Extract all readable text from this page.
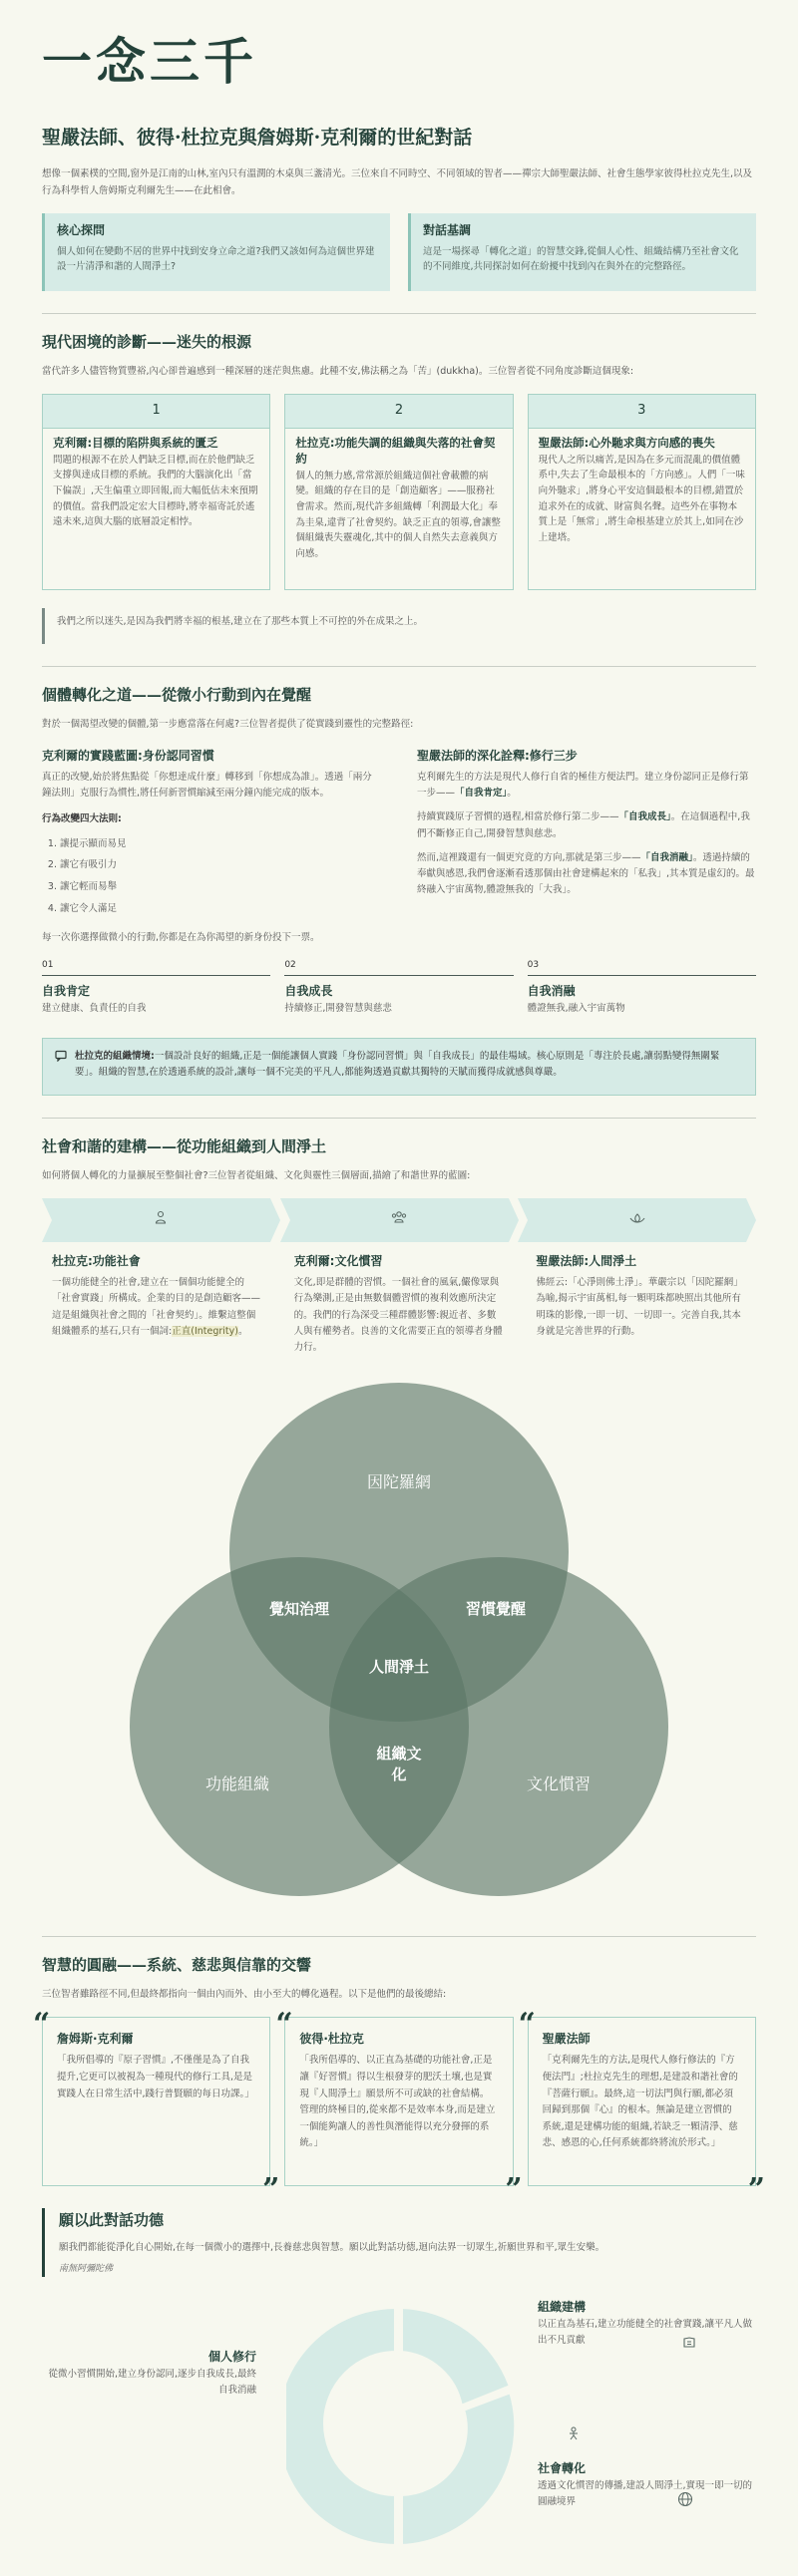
一念三千
聖嚴法師、彼得·杜拉克與詹姆斯·克利爾的世紀對話

想像一個素樸的空間,窗外是江南的山林,室內只有溫潤的木桌與三盞清光。三位來自不同時空、不同領域的智者——禪宗大師聖嚴法師、社會生態學家彼得杜拉克先生,以及行為科學哲人詹姆斯克利爾先生——在此相會。

核心探問

個人如何在變動不居的世界中找到安身立命之道?我們又該如何為這個世界建設一片清淨和諧的人間淨土?

對話基調

這是一場探尋「轉化之道」的智慧交鋒,從個人心性、組織結構乃至社會文化的不同維度,共同探討如何在紛擾中找到內在與外在的完整路徑。

現代困境的診斷——迷失的根源

當代許多人儘管物質豐裕,內心卻普遍感到一種深層的迷茫與焦慮。此種不安,佛法稱之為「苦」(dukkha)。三位智者從不同角度診斷這個現象:

1
克利爾:目標的陷阱與系統的匱乏

問題的根源不在於人們缺乏目標,而在於他們缺乏支撐與達成目標的系統。我們的大腦演化出「當下偏誤」,天生偏重立即回報,而大幅低估未來預期的價值。當我們設定宏大目標時,將幸福寄託於遙遠未來,這與大腦的底層設定相悖。

2
杜拉克:功能失調的組織與失落的社會契約

個人的無力感,常常源於組織這個社會載體的病變。組織的存在目的是「創造顧客」——服務社會需求。然而,現代許多組織轉「利潤最大化」奉為圭臬,違背了社會契約。缺乏正直的領導,會讓整個組織喪失靈魂化,其中的個人自然失去意義與方向感。

3
聖嚴法師:心外馳求與方向感的喪失

現代人之所以痛苦,是因為在多元而混亂的價值體系中,失去了生命最根本的「方向感」。人們「一味向外馳求」,將身心平安這個最根本的目標,錯置於追求外在的成就、財富與名聲。這些外在事物本質上是「無常」,將生命根基建立於其上,如同在沙上建塔。

我們之所以迷失,是因為我們將幸福的根基,建立在了那些本質上不可控的外在成果之上。
個體轉化之道——從微小行動到內在覺醒

對於一個渴望改變的個體,第一步應當落在何處?三位智者提供了從實踐到靈性的完整路徑:

克利爾的實踐藍圖:身份認同習慣

真正的改變,始於將焦點從「你想達成什麼」轉移到「你想成為誰」。透過「兩分鐘法則」克服行為慣性,將任何新習慣縮減至兩分鐘內能完成的版本。

行為改變四大法則:
1. 讓提示顯而易見
2. 讓它有吸引力
3. 讓它輕而易舉
4. 讓它令人滿足
聖嚴法師的深化詮釋:修行三步

克利爾先生的方法是現代人修行自省的極佳方便法門。建立身份認同正是修行第一步——「自我肯定」。

持續實踐原子習慣的過程,相當於修行第二步——「自我成長」。在這個過程中,我們不斷修正自己,開發智慧與慈悲。

然而,這裡踐還有一個更究竟的方向,那就是第三步——「自我消融」。透過持續的奉獻與感恩,我們會逐漸看透那個由社會建構起來的「私我」,其本質是虛幻的。最終融入宇宙萬物,體證無我的「大我」。

每一次你選擇做微小的行動,你都是在為你渴望的新身份投下一票。

01
自我肯定

建立健康、負責任的自我

02
自我成長

持續修正,開發智慧與慈悲

03
自我消融

體證無我,融入宇宙萬物

杜拉克的組織情境:一個設計良好的組織,正是一個能讓個人實踐「身份認同習慣」與「自我成長」的最佳場域。核心原則是「專注於長處,讓弱點變得無關緊要」。組織的智慧,在於透過系統的設計,讓每一個不完美的平凡人,都能夠透過貢獻其獨特的天賦而獲得成就感與尊嚴。
社會和諧的建構——從功能組織到人間淨土

如何將個人轉化的力量擴展至整個社會?三位智者從組織、文化與靈性三個層面,描繪了和諧世界的藍圖:

杜拉克:功能社會

一個功能健全的社會,建立在一個個功能健全的「社會實踐」所構成。企業的目的是創造顧客——這是組織與社會之間的「社會契約」。維繫這整個組織體系的基石,只有一個詞:正直(Integrity)。

克利爾:文化慣習

文化,即是群體的習慣。一個社會的風氣,儼像眾與行為樂測,正是由無數個體習慣的複利效應所決定的。我們的行為深受三種群體影響:親近者、多數人與有權勢者。良善的文化需要正直的領導者身體力行。

聖嚴法師:人間淨土

佛經云:「心淨則佛土淨」。華嚴宗以「因陀羅網」為喻,揭示宇宙萬相,每一顆明珠都映照出其他所有明珠的影像,一即一切、一切即一。完善自我,其本身就是完善世界的行動。

因陀羅網
功能組織	文化慣習
覺知治理	習慣覺醒
人間淨土
組織文化
智慧的圓融——系統、慈悲與信靠的交響

三位智者雖路徑不同,但最終都指向一個由內而外、由小至大的轉化過程。以下是他們的最後總結:

“ 詹姆斯·克利爾

「我所倡導的『原子習慣』,不僅僅是為了自我提升,它更可以被視為一種現代的修行工具,是是實踐人在日常生活中,踐行普賢願的每日功課。」

”
“ 彼得·杜拉克

「我所倡導的、以正直為基礎的功能社會,正是讓『好習慣』得以生根發芽的肥沃土壤,也是實現『人間淨土』願景所不可或缺的社會結構。管理的終極目的,從來都不是效率本身,而是建立一個能夠讓人的善性與潛能得以充分發揮的系統。」

”
“ 聖嚴法師

「克利爾先生的方法,是現代人修行修法的『方便法門』;杜拉克先生的理想,是建設和諧社會的『菩薩行願』。最終,這一切法門與行願,都必須回歸到那個『心』的根本。無論是建立習慣的系統,還是建構功能的組織,若缺乏一顆清淨、慈悲、感恩的心,任何系統都終將流於形式。」

”
願以此對話功德

願我們都能從淨化自心開始,在每一個微小的選擇中,長養慈悲與智慧。願以此對話功德,迴向法界一切眾生,祈願世界和平,眾生安樂。

南無阿彌陀佛

個人修行
從微小習慣開始,建立身份認同,逐步自我成長,最終自我消融
組織建構
以正直為基石,建立功能健全的社會實踐,讓平凡人做出不凡貢獻
社會轉化
透過文化慣習的傳播,建設人間淨土,實現一即一切的圓融境界
